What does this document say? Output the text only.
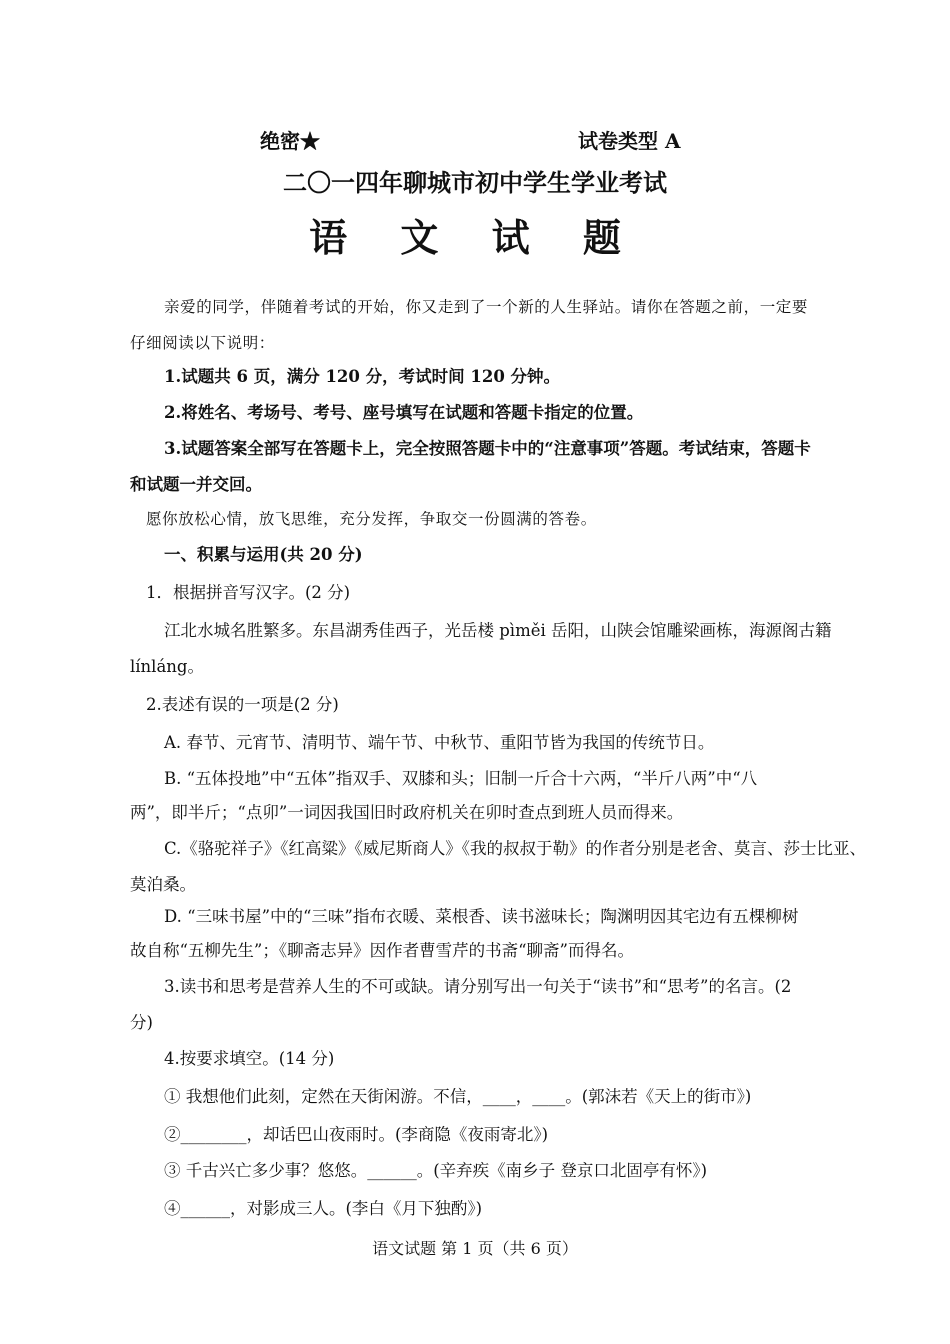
绝密★	试卷类型 A
二〇一四年聊城市初中学生学业考试
语 文 试 题
亲爱的同学，伴随着考试的开始，你又走到了一个新的人生驿站。请你在答题之前，一定要
仔细阅读以下说明：
1.试题共 6 页，满分 120 分，考试时间 120 分钟。
2.将姓名、考场号、考号、座号填写在试题和答题卡指定的位置。
3.试题答案全部写在答题卡上，完全按照答题卡中的“注意事项”答题。考试结束，答题卡
和试题一并交回。
愿你放松心情，放飞思维，充分发挥，争取交一份圆满的答卷。
一、积累与运用(共 20 分)
1．根据拼音写汉字。(2 分)
江北水城名胜繁多。东昌湖秀佳西子，光岳楼 pìměi 岳阳，山陕会馆雕梁画栋，海源阁古籍
línláng。
2.表述有误的一项是(2 分)
A. 春节、元宵节、清明节、端午节、中秋节、重阳节皆为我国的传统节日。
B. “五体投地”中“五体”指双手、双膝和头；旧制一斤合十六两，“半斤八两”中“八
两”，即半斤；“点卯”一词因我国旧时政府机关在卯时查点到班人员而得来。
C.《骆驼祥子》《红高粱》《威尼斯商人》《我的叔叔于勒》的作者分别是老舍、莫言、莎士比亚、
莫泊桑。
D. “三味书屋”中的“三味”指布衣暖、菜根香、读书滋味长；陶渊明因其宅边有五棵柳树
故自称“五柳先生”；《聊斋志异》因作者曹雪芹的书斋“聊斋”而得名。
3.读书和思考是营养人生的不可或缺。请分别写出一句关于“读书”和“思考”的名言。(2
分)
4.按要求填空。(14 分)
① 我想他们此刻，定然在天街闲游。不信，____，____。(郭沫若《天上的街市》)
②________，却话巴山夜雨时。(李商隐《夜雨寄北》)
③ 千古兴亡多少事？悠悠。______。(辛弃疾《南乡子 登京口北固亭有怀》)
④______，对影成三人。(李白《月下独酌》)
语文试题 第 1 页（共 6 页）
